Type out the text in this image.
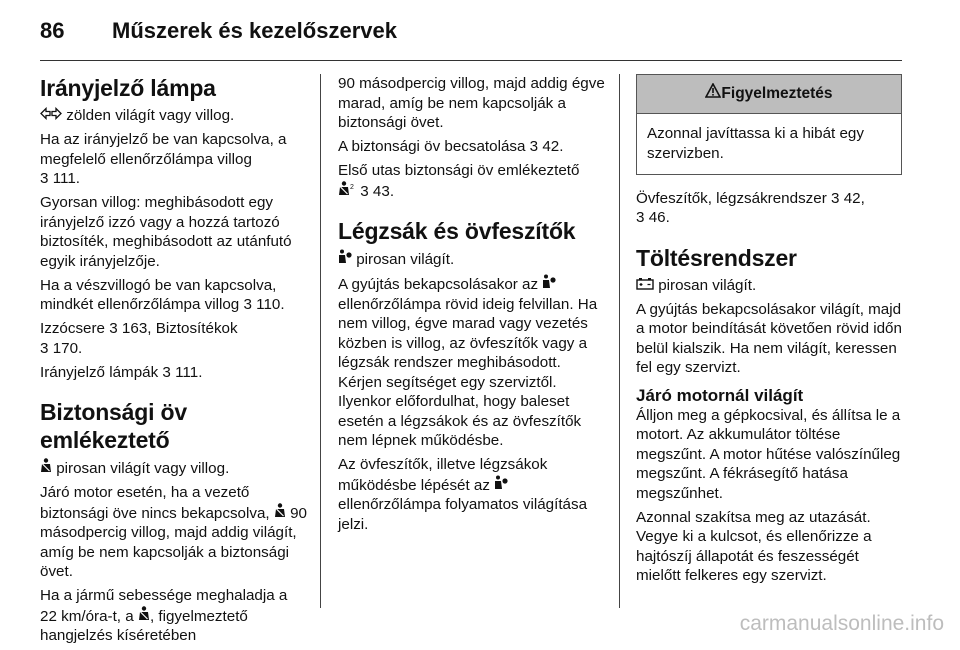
86 Műszerek és kezelőszervek
Irányjelző lámpa

zölden világít vagy villog.

Ha az irányjelző be van kapcsolva, a megfelelő ellenőrzőlámpa villog
3 111.

Gyorsan villog: meghibásodott egy irányjelző izzó vagy a hozzá tartozó biztosíték, meghibásodott az utánfutó egyik irányjelzője.

Ha a vészvillogó be van kapcsolva, mindkét ellenőrzőlámpa villog 3 110.

Izzócsere 3 163, Biztosítékok
3 170.

Irányjelző lámpák 3 111.

Biztonsági öv emlékeztető

pirosan világít vagy villog.

Járó motor esetén, ha a vezető biztonsági öve nincs bekapcsolva, 90 másodpercig villog, majd addig világít, amíg be nem kapcsolják a biztonsági övet.

Ha a jármű sebessége meghaladja a 22 km/óra-t, a , figyelmeztető hangjelzés kíséretében

90 másodpercig villog, majd addig égve marad, amíg be nem kapcsolják a biztonsági övet.

A biztonsági öv becsatolása 3 42.

Első utas biztonsági öv emlékeztető

2 3 43.

Légzsák és övfeszítők

pirosan világít.

A gyújtás bekapcsolásakor az  ellenőrzőlámpa rövid ideig felvillan. Ha nem villog, égve marad vagy vezetés közben is villog, az övfeszítők vagy a légzsák rendszer meghibásodott. Kérjen segítséget egy szerviztől. Ilyenkor előfordulhat, hogy baleset esetén a légzsákok és az övfeszítők nem lépnek működésbe.

Az övfeszítők, illetve légzsákok működésbe lépését az
ellenőrzőlámpa folyamatos világítása jelzi.

Figyelmeztetés

Azonnal javíttassa ki a hibát egy szervizben.

Övfeszítők, légzsákrendszer 3 42,
3 46.

Töltésrendszer

pirosan világít.

A gyújtás bekapcsolásakor világít, majd a motor beindítását követően rövid időn belül kialszik. Ha nem világít, keressen fel egy szervizt.

Járó motornál világít

Álljon meg a gépkocsival, és állítsa le a motort. Az akkumulátor töltése megszűnt. A motor hűtése valószínűleg megszűnt. A fékrásegítő hatása megszűnhet.

Azonnal szakítsa meg az utazását. Vegye ki a kulcsot, és ellenőrizze a hajtószíj állapotát és feszességét mielőtt felkeres egy szervizt.

carmanualsonline.info
